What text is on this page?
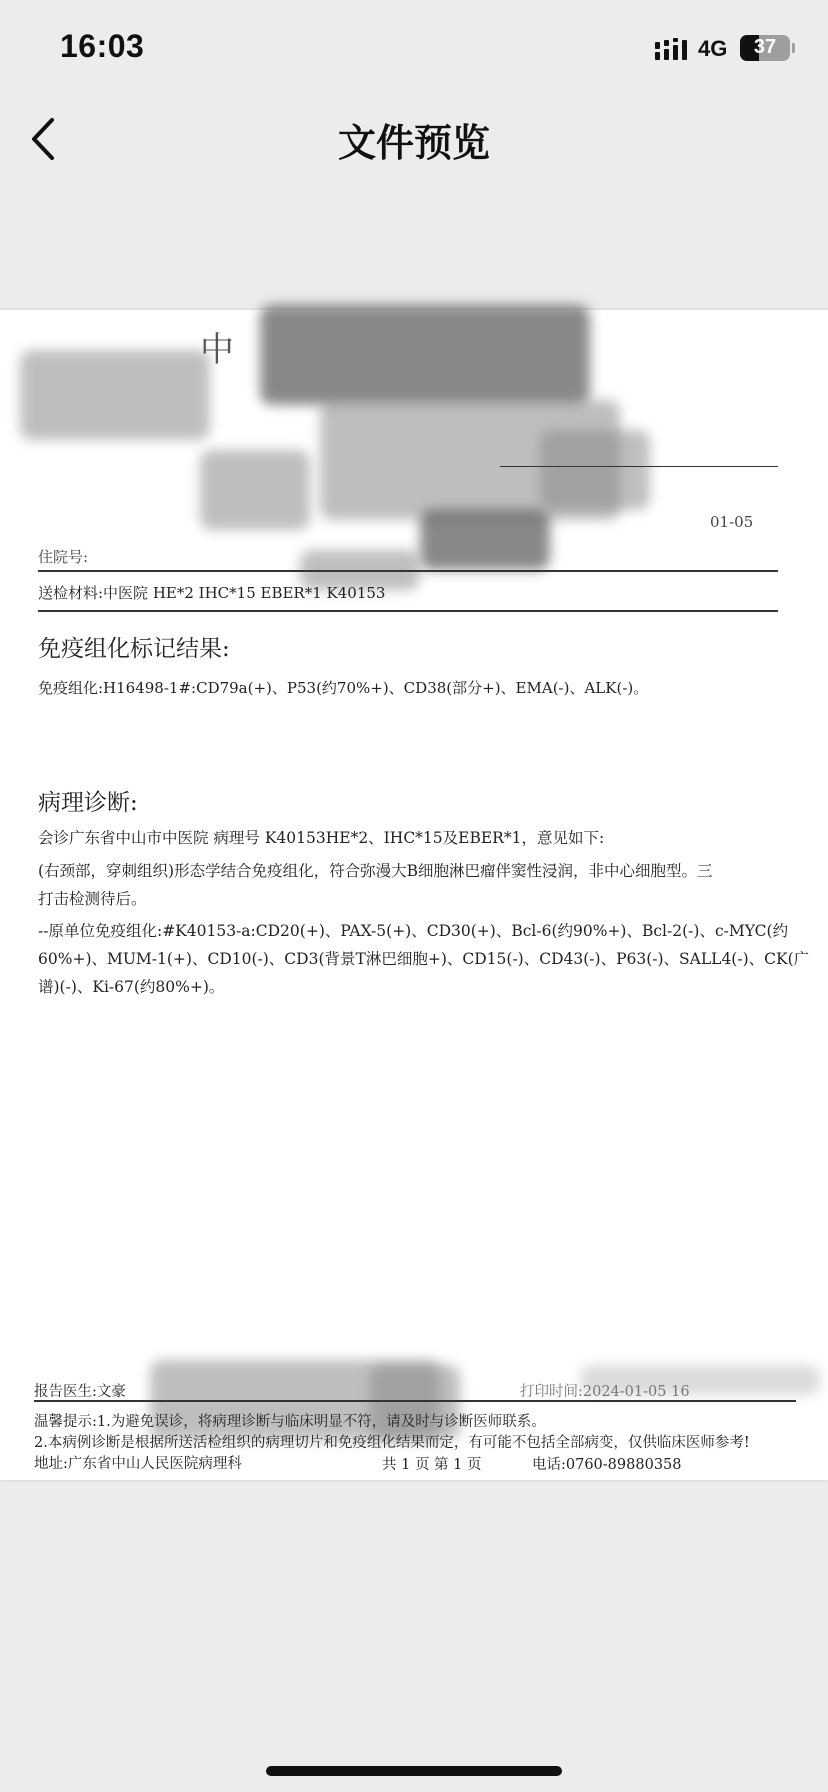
16:03	4G	37
文件预览
中
01-05
住院号:
送检材料:中医院 HE*2 IHC*15 EBER*1 K40153
免疫组化标记结果:
免疫组化:H16498-1#:CD79a(+)、P53(约70%+)、CD38(部分+)、EMA(-)、ALK(-)。
病理诊断:
会诊广东省中山市中医院 病理号 K40153HE*2、IHC*15及EBER*1，意见如下:
(右颈部，穿刺组织)形态学结合免疫组化，符合弥漫大B细胞淋巴瘤伴窦性浸润，非中心细胞型。三
打击检测待后。
--原单位免疫组化:#K40153-a:CD20(+)、PAX-5(+)、CD30(+)、Bcl-6(约90%+)、Bcl-2(-)、c-MYC(约
60%+)、MUM-1(+)、CD10(-)、CD3(背景T淋巴细胞+)、CD15(-)、CD43(-)、P63(-)、SALL4(-)、CK(广
谱)(-)、Ki-67(约80%+)。
报告医生:文豪	打印时间:2024-01-05 16
温馨提示:1.为避免误诊，将病理诊断与临床明显不符，请及时与诊断医师联系。
2.本病例诊断是根据所送活检组织的病理切片和免疫组化结果而定，有可能不包括全部病变，仅供临床医师参考!
地址:广东省中山人民医院病理科	共 1 页 第 1 页	电话:0760-89880358
